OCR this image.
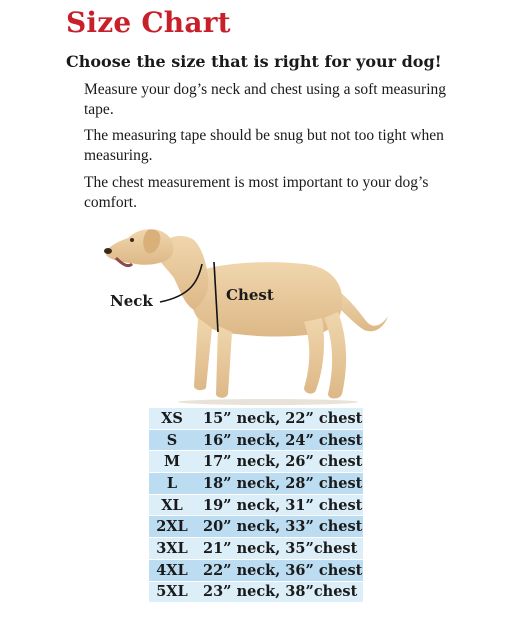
Size Chart
Choose the size that is right for your dog!
Measure your dog’s neck and chest using a soft measuring tape.
The measuring tape should be snug but not too tight when measuring.
The chest measurement is most important to your dog’s comfort.
Neck	Chest
XS	15” neck, 22” chest
S	16” neck, 24” chest
M	17” neck, 26” chest
L	18” neck, 28” chest
XL	19” neck, 31” chest
2XL	20” neck, 33” chest
3XL	21” neck, 35”chest
4XL	22” neck, 36” chest
5XL	23” neck, 38”chest
